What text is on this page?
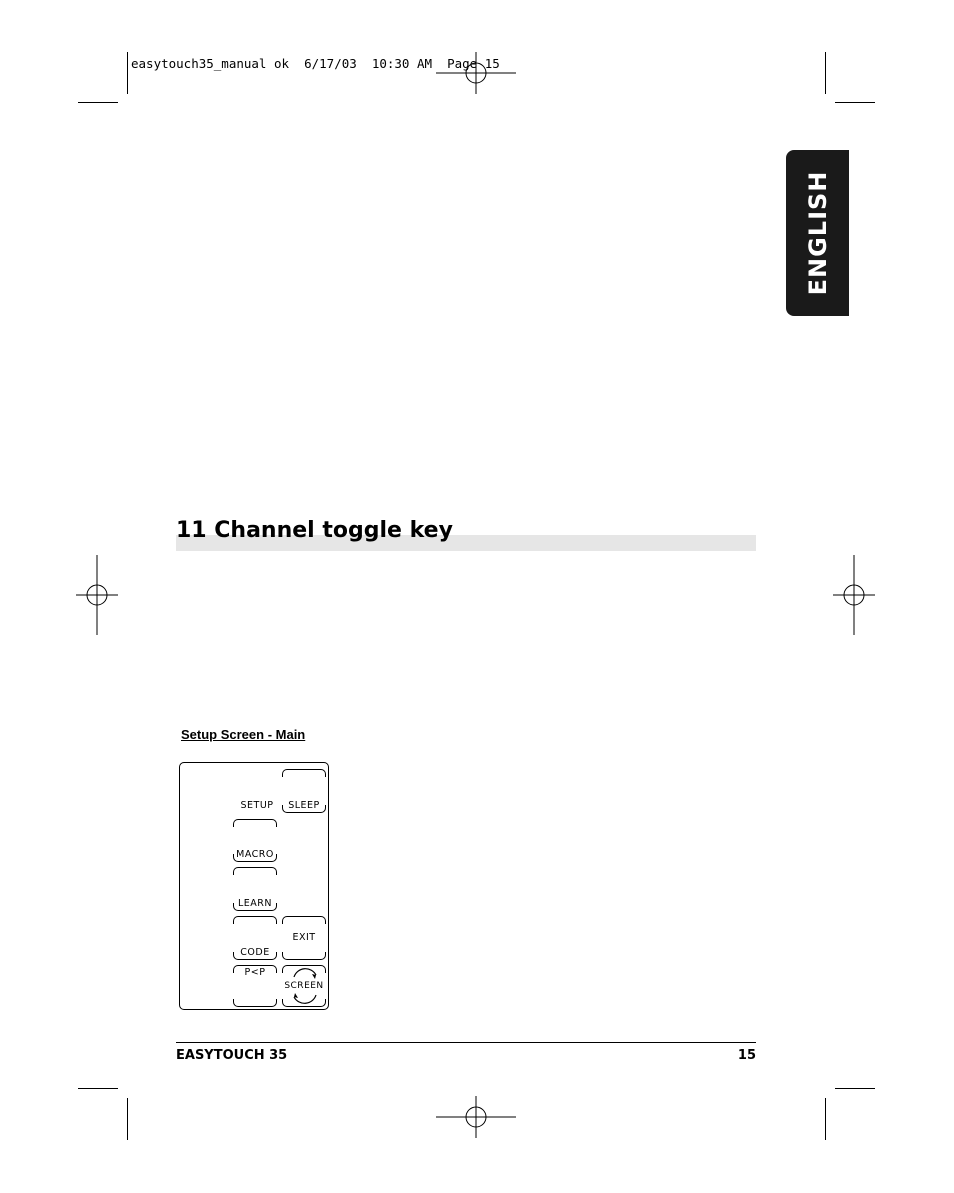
easytouch35_manual ok  6/17/03  10:30 AM  Page 15
ENGLISH
11 Channel toggle key
Setup Screen - Main
SLEEP
SETUP
MACRO
LEARN
CODE
EXIT
P<P
SCREEN
EASYTOUCH 35	15
